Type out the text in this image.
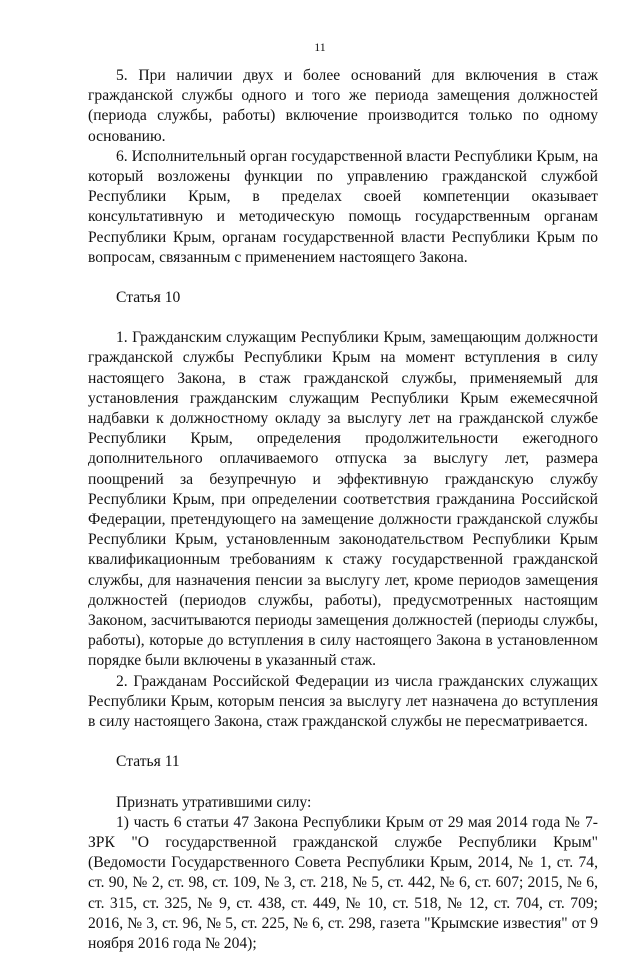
11

5. При наличии двух и более оснований для включения в стаж гражданской службы одного и того же периода замещения должностей (периода службы, работы) включение производится только по одному основанию.

6. Исполнительный орган государственной власти Республики Крым, на который возложены функции по управлению гражданской службой Республики Крым, в пределах своей компетенции оказывает консультативную и методическую помощь государственным органам Республики Крым, органам государственной власти Республики Крым по вопросам, связанным с применением настоящего Закона.

Статья 10

1. Гражданским служащим Республики Крым, замещающим должности гражданской службы Республики Крым на момент вступления в силу настоящего Закона, в стаж гражданской службы, применяемый для установления гражданским служащим Республики Крым ежемесячной надбавки к должностному окладу за выслугу лет на гражданской службе Республики Крым, определения продолжительности ежегодного дополнительного оплачиваемого отпуска за выслугу лет, размера поощрений за безупречную и эффективную гражданскую службу Республики Крым, при определении соответствия гражданина Российской Федерации, претендующего на замещение должности гражданской службы Республики Крым, установленным законодательством Республики Крым квалификационным требованиям к стажу государственной гражданской службы, для назначения пенсии за выслугу лет, кроме периодов замещения должностей (периодов службы, работы), предусмотренных настоящим Законом, засчитываются периоды замещения должностей (периоды службы, работы), которые до вступления в силу настоящего Закона в установленном порядке были включены в указанный стаж.

2. Гражданам Российской Федерации из числа гражданских служащих Республики Крым, которым пенсия за выслугу лет назначена до вступления в силу настоящего Закона, стаж гражданской службы не пересматривается.

Статья 11

Признать утратившими силу:

1) часть 6 статьи 47 Закона Республики Крым от 29 мая 2014 года № 7-ЗРК "О государственной гражданской службе Республики Крым" (Ведомости Государственного Совета Республики Крым, 2014, № 1, ст. 74, ст. 90, № 2, ст. 98, ст. 109, № 3, ст. 218, № 5, ст. 442, № 6, ст. 607; 2015, № 6, ст. 315, ст. 325, № 9, ст. 438, ст. 449, № 10, ст. 518, № 12, ст. 704, ст. 709; 2016, № 3, ст. 96, № 5, ст. 225, № 6, ст. 298, газета "Крымские известия" от 9 ноября 2016 года № 204);
